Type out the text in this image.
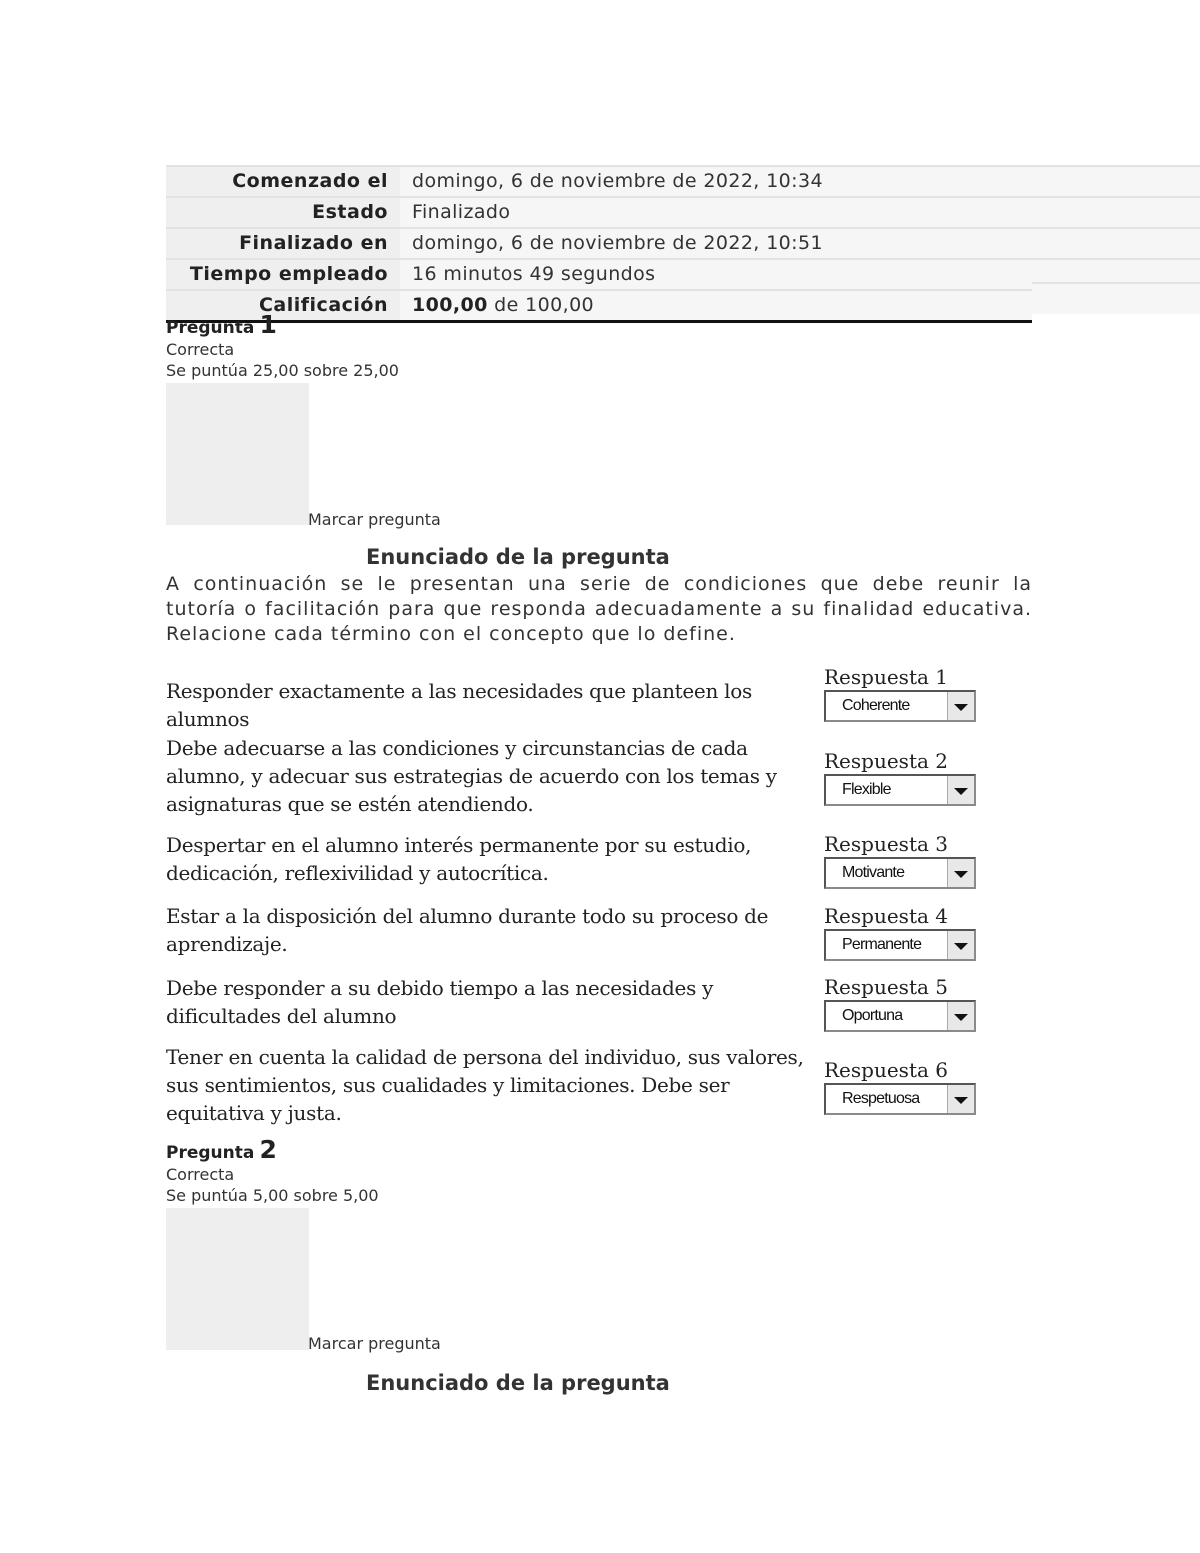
Comenzado el	domingo, 6 de noviembre de 2022, 10:34
Estado	Finalizado
Finalizado en	domingo, 6 de noviembre de 2022, 10:51
Tiempo empleado	16 minutos 49 segundos
Calificación	100,00 de 100,00
Pregunta 1
Correcta
Se puntúa 25,00 sobre 25,00
Marcar pregunta
Enunciado de la pregunta
A continuación se le presentan una serie de condiciones que debe reunir la tutoría o facilitación para que responda adecuadamente a su finalidad educativa. Relacione cada término con el concepto que lo define.
Responder exactamente a las necesidades que planteen los alumnos
Respuesta 1
Coherente
Debe adecuarse a las condiciones y circunstancias de cada alumno, y adecuar sus estrategias de acuerdo con los temas y asignaturas que se estén atendiendo.
Respuesta 2
Flexible
Despertar en el alumno interés permanente por su estudio, dedicación, reflexivilidad y autocrítica.
Respuesta 3
Motivante
Estar a la disposición del alumno durante todo su proceso de aprendizaje.
Respuesta 4
Permanente
Debe responder a su debido tiempo a las necesidades y dificultades del alumno
Respuesta 5
Oportuna
Tener en cuenta la calidad de persona del individuo, sus valores, sus sentimientos, sus cualidades y limitaciones. Debe ser equitativa y justa.
Respuesta 6
Respetuosa
Pregunta 2
Correcta
Se puntúa 5,00 sobre 5,00
Marcar pregunta
Enunciado de la pregunta
